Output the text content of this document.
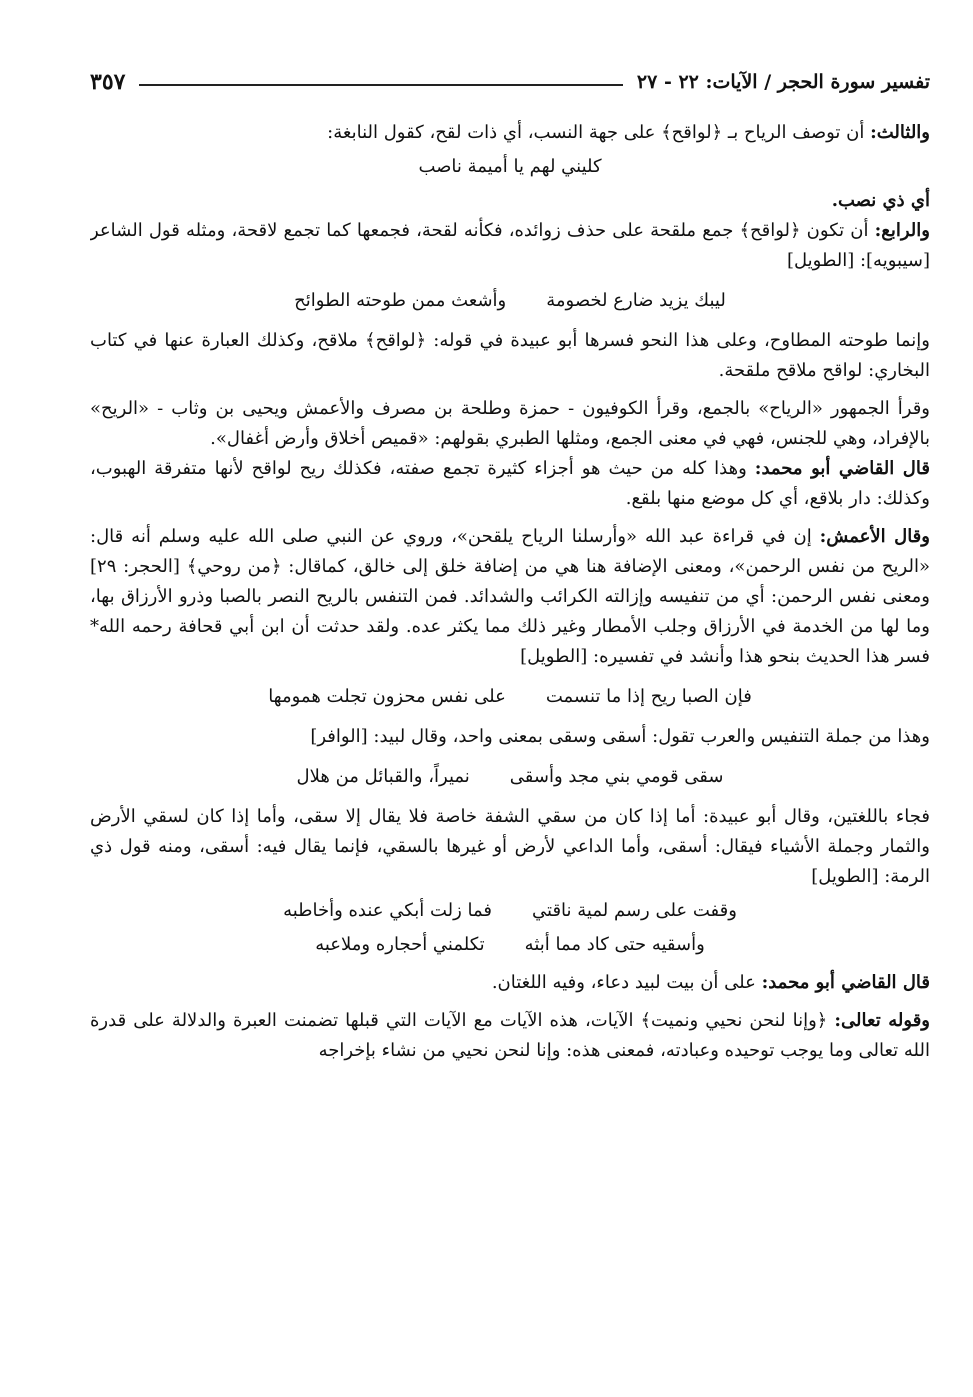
تفسير سورة الحجر / الآيات: ٢٢ - ٢٧
٣٥٧

والثالث: أن توصف الرياح بـ ﴿لواقح﴾ على جهة النسب، أي ذات لقح، كقول النابغة:

كليني لهم يا أميمة ناصب

أي ذي نصب.

والرابع: أن تكون ﴿لواقح﴾ جمع ملقحة على حذف زوائده، فكأنه لقحة، فجمعها كما تجمع لاقحة، ومثله قول الشاعر [سيبويه]: [الطويل]

ليبك يزيد ضارع لخصومة
وأشعث ممن طوحته الطوائح

وإنما طوحته المطاوح، وعلى هذا النحو فسرها أبو عبيدة في قوله: ﴿لواقح﴾ ملاقح، وكذلك العبارة عنها في كتاب البخاري: لواقح ملاقح ملقحة.

وقرأ الجمهور «الرياح» بالجمع، وقرأ الكوفيون - حمزة وطلحة بن مصرف والأعمش ويحيى بن وثاب - «الريح» بالإفراد، وهي للجنس، فهي في معنى الجمع، ومثلها الطبري بقولهم: «قميص أخلاق وأرض أغفال».

قال القاضي أبو محمد: وهذا كله من حيث هو أجزاء كثيرة تجمع صفته، فكذلك ريح لواقح لأنها متفرقة الهبوب، وكذلك: دار بلاقع، أي كل موضع منها بلقع.

وقال الأعمش: إن في قراءة عبد الله «وأرسلنا الرياح يلقحن»، وروي عن النبي صلى الله عليه وسلم أنه قال: «الريح من نفس الرحمن»، ومعنى الإضافة هنا هي من إضافة خلق إلى خالق، كماقال: ﴿من روحي﴾ [الحجر: ٢٩] ومعنى نفس الرحمن: أي من تنفيسه وإزالته الكرائب والشدائد. فمن التنفس بالريح النصر بالصبا وذرو الأرزاق بها، وما لها من الخدمة في الأرزاق وجلب الأمطار وغير ذلك مما يكثر عده. ولقد حدثت أن ابن أبي قحافة رحمه الله* فسر هذا الحديث بنحو هذا وأنشد في تفسيره: [الطويل]

فإن الصبا ريح إذا ما تنسمت
على نفس محزون تجلت همومها

وهذا من جملة التنفيس والعرب تقول: أسقى وسقى بمعنى واحد، وقال لبيد: [الوافر]

سقى قومي بني مجد وأسقى
نميراً، والقبائل من هلال

فجاء باللغتين، وقال أبو عبيدة: أما إذا كان من سقي الشفة خاصة فلا يقال إلا سقى، وأما إذا كان لسقي الأرض والثمار وجملة الأشياء فيقال: أسقى، وأما الداعي لأرض أو غيرها بالسقي، فإنما يقال فيه: أسقى، ومنه قول ذي الرمة: [الطويل]

وقفت على رسم لمية ناقتي
فما زلت أبكي عنده وأخاطبه
وأسقيه حتى كاد مما أبثه
تكلمني أحجاره وملاعبه

قال القاضي أبو محمد: على أن بيت لبيد دعاء، وفيه اللغتان.

وقوله تعالى: ﴿وإنا لنحن نحيي ونميت﴾ الآيات، هذه الآيات مع الآيات التي قبلها تضمنت العبرة والدلالة على قدرة الله تعالى وما يوجب توحيده وعبادته، فمعنى هذه: وإنا لنحن نحيي من نشاء بإخراجه
